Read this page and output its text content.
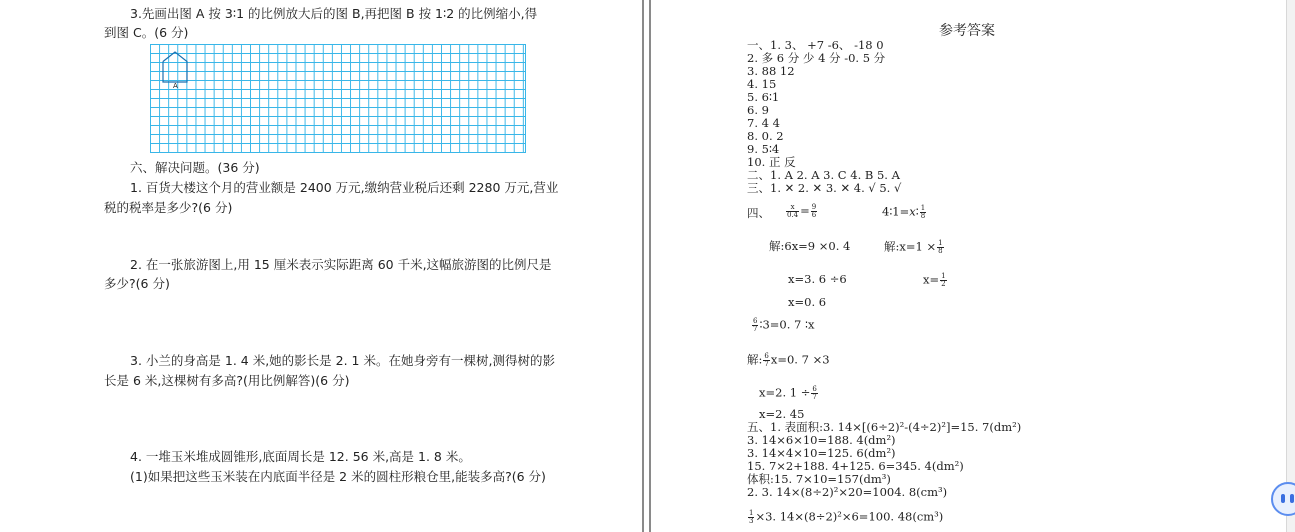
3.先画出图 A 按 3∶1 的比例放大后的图 B,再把图 B 按 1∶2 的比例缩小,得
到图 C。(6 分)
A
六、解决问题。(36 分)
1. 百货大楼这个月的营业额是 2400 万元,缴纳营业税后还剩 2280 万元,营业
税的税率是多少?(6 分)
2. 在一张旅游图上,用 15 厘米表示实际距离 60 千米,这幅旅游图的比例尺是
多少?(6 分)
3. 小兰的身高是 1. 4 米,她的影长是 2. 1 米。在她身旁有一棵树,测得树的影
长是 6 米,这棵树有多高?(用比例解答)(6 分)
4. 一堆玉米堆成圆锥形,底面周长是 12. 56 米,高是 1. 8 米。
(1)如果把这些玉米装在内底面半径是 2 米的圆柱形粮仓里,能装多高?(6 分)
参考答案
一、1. 3、 +7 -6、 -18 0
2. 多 6 分 少 4 分 -0. 5 分
3. 88 12
4. 15
5. 6∶1
6. 9
7. 4 4
8. 0. 2
9. 5∶4
10. 正 反
二、1. A 2. A 3. C 4. B 5. A
三、1. ✕ 2. ✕ 3. ✕ 4. √ 5. √
四、 $\frac{x}{0.4} = \frac{9}{6}$	4∶1=x∶ $\frac{1}{8}$
解:6x=9 ×0. 4	解:x=1 × $\frac{1}{8}$
x=3. 6 ÷6	$x= \frac{1}{2}$
x=0. 6
$\frac{6}{7}$ ∶3=0. 7 ∶x
解: $\frac{6}{7} x=0$. 7 ×3
x=2. $1 \div \frac{6}{7}$
x=2. 45
五、1. 表面积:3. 14×[(6÷2)²-(4÷2)²]=15. 7(dm²)
3. 14×6×10=188. 4(dm²)
3. 14×4×10=125. 6(dm²)
15. 7×2+188. 4+125. 6=345. 4(dm²)
体积:15. 7×10=157(dm³)
2. 3. 14×(8÷2)²×20=1004. 8(cm³)
$\frac{1}{3} \times 3$. 14×(8÷2)²×6=100. 48(cm³)
